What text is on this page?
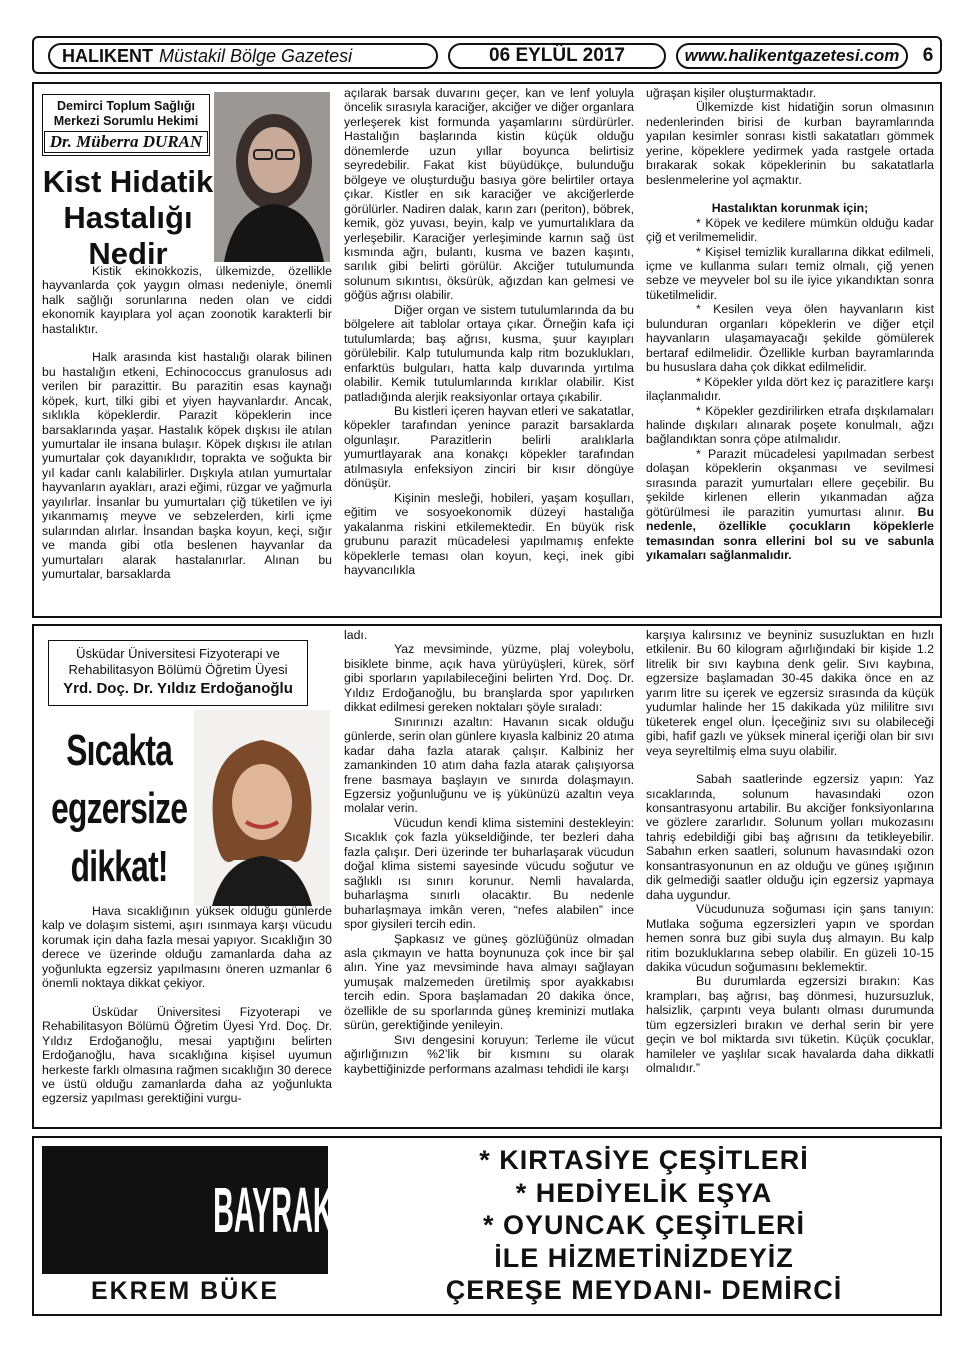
HALIKENT Müstakil Bölge Gazetesi	06 EYLÜL 2017	www.halikentgazetesi.com	6
Demirci Toplum Sağlığı Merkezi Sorumlu Hekimi
Dr. Müberra DURAN
Kist Hidatik
Hastalığı
Nedir

Kistik ekinokkozis, ülkemizde, özellikle hayvanlarda çok yaygın olması nedeniyle, önemli halk sağlığı sorunlarına neden olan ve ciddi ekonomik kayıplara yol açan zoonotik karakterli bir hastalıktır.

Halk arasında kist hastalığı olarak bilinen bu hastalığın etkeni, Echinococcus granulosus adı verilen bir parazittir. Bu parazitin esas kaynağı köpek, kurt, tilki gibi et yiyen hayvanlardır. Ancak, sıklıkla köpeklerdir. Parazit köpeklerin ince barsaklarında yaşar. Hastalık köpek dışkısı ile atılan yumurtalar ile insana bulaşır. Köpek dışkısı ile atılan yumurtalar çok dayanıklıdır, toprakta ve soğukta bir yıl kadar canlı kalabilirler. Dışkıyla atılan yumurtalar hayvanların ayakları, arazi eğimi, rüzgar ve yağmurla yayılırlar. İnsanlar bu yumurtaları çiğ tüketilen ve iyi yıkanmamış meyve ve sebzelerden, kirli içme sularından alırlar. İnsandan başka koyun, keçi, sığır ve manda gibi otla beslenen hayvanlar da yumurtaları alarak hastalanırlar. Alınan bu yumurtalar, barsaklarda

açılarak barsak duvarını geçer, kan ve lenf yoluyla öncelik sırasıyla karaciğer, akciğer ve diğer organlara yerleşerek kist formunda yaşamlarını sürdürürler. Hastalığın başlarında kistin küçük olduğu dönemlerde uzun yıllar boyunca belirtisiz seyredebilir. Fakat kist büyüdükçe, bulunduğu bölgeye ve oluşturduğu basıya göre belirtiler ortaya çıkar. Kistler en sık karaciğer ve akciğerlerde görülürler. Nadiren dalak, karın zarı (periton), böbrek, kemik, göz yuvası, beyin, kalp ve yumurtalıklara da yerleşebilir. Karaciğer yerleşiminde karnın sağ üst kısmında ağrı, bulantı, kusma ve bazen kaşıntı, sarılık gibi belirti görülür. Akciğer tutulumunda solunum sıkıntısı, öksürük, ağızdan kan gelmesi ve göğüs ağrısı olabilir.

Diğer organ ve sistem tutulumlarında da bu bölgelere ait tablolar ortaya çıkar. Örneğin kafa içi tutulumlarda; baş ağrısı, kusma, şuur kayıpları görülebilir. Kalp tutulumunda kalp ritm bozuklukları, enfarktüs bulguları, hatta kalp duvarında yırtılma olabilir. Kemik tutulumlarında kırıklar olabilir. Kist patladığında alerjik reaksiyonlar ortaya çıkabilir.

Bu kistleri içeren hayvan etleri ve sakatatlar, köpekler tarafından yenince parazit barsaklarda olgunlaşır. Parazitlerin belirli aralıklarla yumurtlayarak ana konakçı köpekler tarafından atılmasıyla enfeksiyon zinciri bir kısır döngüye dönüşür.

Kişinin mesleği, hobileri, yaşam koşulları, eğitim ve sosyoekonomik düzeyi hastalığa yakalanma riskini etkilemektedir. En büyük risk grubunu parazit mücadelesi yapılmamış enfekte köpeklerle teması olan koyun, keçi, inek gibi hayvancılıkla

uğraşan kişiler oluşturmaktadır.

Ülkemizde kist hidatiğin sorun olmasının nedenlerinden birisi de kurban bayramlarında yapılan kesimler sonrası kistli sakatatları gömmek yerine, köpeklere yedirmek yada rastgele ortada bırakarak sokak köpeklerinin bu sakatatlarla beslenmelerine yol açmaktır.

Hastalıktan korunmak için;

* Köpek ve kedilere mümkün olduğu kadar çiğ et verilmemelidir.

* Kişisel temizlik kurallarına dikkat edilmeli, içme ve kullanma suları temiz olmalı, çiğ yenen sebze ve meyveler bol su ile iyice yıkandıktan sonra tüketilmelidir.

* Kesilen veya ölen hayvanların kist bulunduran organları köpeklerin ve diğer etçil hayvanların ulaşamayacağı şekilde gömülerek bertaraf edilmelidir. Özellikle kurban bayramlarında bu hususlara daha çok dikkat edilmelidir.

* Köpekler yılda dört kez iç parazitlere karşı ilaçlanmalıdır.

* Köpekler gezdirilirken etrafa dışkılamaları halinde dışkıları alınarak poşete konulmalı, ağzı bağlandıktan sonra çöpe atılmalıdır.

* Parazit mücadelesi yapılmadan serbest dolaşan köpeklerin okşanması ve sevilmesi sırasında parazit yumurtaları ellere geçebilir. Bu şekilde kirlenen ellerin yıkanmadan ağza götürülmesi ile parazitin yumurtası alınır. Bu nedenle, özellikle çocukların köpeklerle temasından sonra ellerini bol su ve sabunla yıkamaları sağlanmalıdır.

Üsküdar Üniversitesi Fizyoterapi ve Rehabilitasyon Bölümü Öğretim Üyesi
Yrd. Doç. Dr. Yıldız Erdoğanoğlu
Sıcakta
egzersize
dikkat!

Hava sıcaklığının yüksek olduğu günlerde kalp ve dolaşım sistemi, aşırı ısınmaya karşı vücudu korumak için daha fazla mesai yapıyor. Sıcaklığın 30 derece ve üzerinde olduğu zamanlarda daha az yoğunlukta egzersiz yapılmasını öneren uzmanlar 6 önemli noktaya dikkat çekiyor.

Üsküdar Üniversitesi Fizyoterapi ve Rehabilitasyon Bölümü Öğretim Üyesi Yrd. Doç. Dr. Yıldız Erdoğanoğlu, mesai yaptığını belirten Erdoğanoğlu, hava sıcaklığına kişisel uyumun herkeste farklı olmasına rağmen sıcaklığın 30 derece ve üstü olduğu zamanlarda daha az yoğunlukta egzersiz yapılması gerektiğini vurgu-

ladı.

Yaz mevsiminde, yüzme, plaj voleybolu, bisiklete binme, açık hava yürüyüşleri, kürek, sörf gibi sporların yapılabileceğini belirten Yrd. Doç. Dr. Yıldız Erdoğanoğlu, bu branşlarda spor yapılırken dikkat edilmesi gereken noktaları şöyle sıraladı:

Sınırınızı azaltın: Havanın sıcak olduğu günlerde, serin olan günlere kıyasla kalbiniz 20 atıma kadar daha fazla atarak çalışır. Kalbiniz her zamankinden 10 atım daha fazla atarak çalışıyorsa frene basmaya başlayın ve sınırda dolaşmayın. Egzersiz yoğunluğunu ve iş yükünüzü azaltın veya molalar verin.

Vücudun kendi klima sistemini destekleyin: Sıcaklık çok fazla yükseldiğinde, ter bezleri daha fazla çalışır. Deri üzerinde ter buharlaşarak vücudun doğal klima sistemi sayesinde vücudu soğutur ve sağlıklı ısı sınırı korunur. Nemli havalarda, buharlaşma sınırlı olacaktır. Bu nedenle buharlaşmaya imkân veren, “nefes alabilen” ince spor giysileri tercih edin.

Şapkasız ve güneş gözlüğünüz olmadan asla çıkmayın ve hatta boynunuza çok ince bir şal alın. Yine yaz mevsiminde hava almayı sağlayan yumuşak malzemeden üretilmiş spor ayakkabısı tercih edin. Spora başlamadan 20 dakika önce, özellikle de su sporlarında güneş kreminizi mutlaka sürün, gerektiğinde yenileyin.

Sıvı dengesini koruyun: Terleme ile vücut ağırlığınızın %2’lik bir kısmını su olarak kaybettiğinizde performans azalması tehdidi ile karşı

karşıya kalırsınız ve beyniniz susuzluktan en hızlı etkilenir. Bu 60 kilogram ağırlığındaki bir kişide 1.2 litrelik bir sıvı kaybına denk gelir. Sıvı kaybına, egzersize başlamadan 30-45 dakika önce en az yarım litre su içerek ve egzersiz sırasında da küçük yudumlar halinde her 15 dakikada yüz mililitre sıvı tüketerek engel olun. İçeceğiniz sıvı su olabileceği gibi, hafif gazlı ve yüksek mineral içeriği olan bir sıvı veya seyreltilmiş elma suyu olabilir.

Sabah saatlerinde egzersiz yapın: Yaz sıcaklarında, solunum havasındaki ozon konsantrasyonu artabilir. Bu akciğer fonksiyonlarına ve gözlere zararlıdır. Solunum yolları mukozasını tahriş edebildiği gibi baş ağrısını da tetikleyebilir. Sabahın erken saatleri, solunum havasındaki ozon konsantrasyonunun en az olduğu ve güneş ışığının dik gelmediği saatler olduğu için egzersiz yapmaya daha uygundur.

Vücudunuza soğuması için şans tanıyın: Mutlaka soğuma egzersizleri yapın ve spordan hemen sonra buz gibi suyla duş almayın. Bu kalp ritim bozukluklarına sebep olabilir. En güzeli 10-15 dakika vücudun soğumasını beklemektir.

Bu durumlarda egzersizi bırakın: Kas krampları, baş ağrısı, baş dönmesi, huzursuzluk, halsizlik, çarpıntı veya bulantı olması durumunda tüm egzersizleri bırakın ve derhal serin bir yere geçin ve bol miktarda sıvı tüketin. Küçük çocuklar, hamileler ve yaşlılar sıcak havalarda daha dikkatli olmalıdır.”

BAYRAK KIRTASİYE
EKREM BÜKE
* KIRTASİYE ÇEŞİTLERİ
* HEDİYELİK EŞYA
* OYUNCAK ÇEŞİTLERİ
İLE HİZMETİNİZDEYİZ
ÇEREŞE MEYDANI- DEMİRCİ
